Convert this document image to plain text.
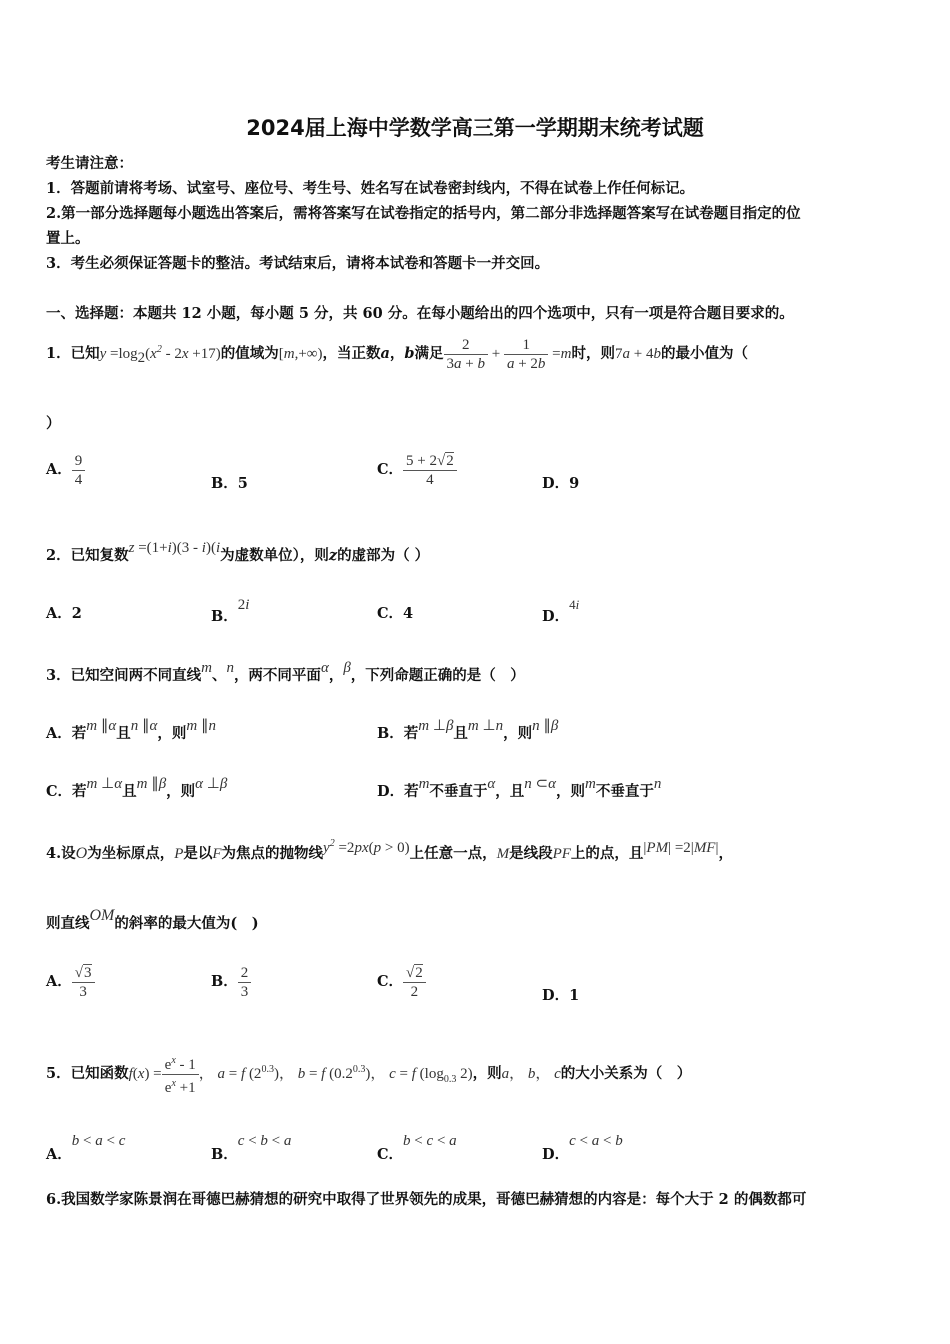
2024届上海中学数学高三第一学期期末统考试题
考生请注意：
1．答题前请将考场、试室号、座位号、考生号、姓名写在试卷密封线内，不得在试卷上作任何标记。
2.第一部分选择题每小题选出答案后，需将答案写在试卷指定的括号内，第二部分非选择题答案写在试卷题目指定的位
置上。
3．考生必须保证答题卡的整洁。考试结束后，请将本试卷和答题卡一并交回。
一、选择题：本题共 12 小题，每小题 5 分，共 60 分。在每小题给出的四个选项中，只有一项是符合题目要求的。
1．已知$y =\log_2(x^2 - 2x +17)$的值域为[m,+∞)，当正数a，b满足 $\frac{2}{3a + b} + \frac{1}{a + 2b} =m$时，则7a + 4b的最小值为（
）
A． $\frac{9}{4}$	B．5
C． $\frac{5 + 2√2}{4}$	D．9
2．已知复数z =(1+i)(3 - i)(i为虚数单位），则z的虚部为（ ）
A．2	B．2i	C．4	D．4i
3．已知空间两不同直线m、n，两不同平面α，β，下列命题正确的是（　）
A．若m ∥α且n ∥α，则m ∥n	B．若m ⊥β且m ⊥n，则n ∥β
C．若m ⊥α且m ∥β，则α ⊥β	D．若m不垂直于α，且n ⊂α，则m不垂直于n
4.设O为坐标原点，P是以F为焦点的抛物线$y^2 =2px(p > 0)$上任意一点，M是线段PF上的点，且|PM| =2|MF|，
则直线OM的斜率的最大值为(　)
A． $\frac{√3}{3}$	B． $\frac{2}{3}$	C． $\frac{√2}{2}$	D．1
5．已知函数$f(x) = \frac{e^x - 1}{e^x +1}$ ， a = f $(2^{0.3})$， b = f $(0.2^{0.3})$， c = f ($\log_{0.3}$ 2)，则a， b， c的大小关系为（　）
A．b < a < c
B．c < b < a
C．b < c < a
D．c < a < b
6.我国数学家陈景润在哥德巴赫猜想的研究中取得了世界领先的成果，哥德巴赫猜想的内容是：每个大于 2 的偶数都可
